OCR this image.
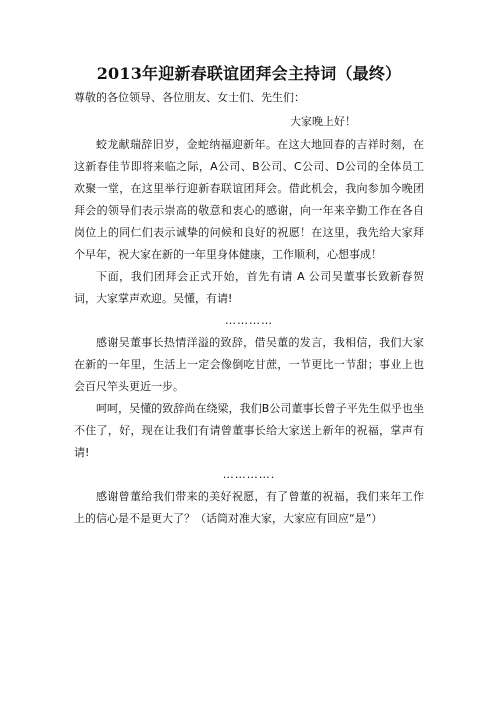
2013年迎新春联谊团拜会主持词（最终）

尊敬的各位领导、各位朋友、女士们、先生们：

大家晚上好！

蛟龙献瑞辞旧岁，金蛇纳福迎新年。在这大地回春的吉祥时刻，在这新春佳节即将来临之际，A公司、B公司、C公司、D公司的全体员工欢聚一堂，在这里举行迎新春联谊团拜会。借此机会，我向参加今晚团拜会的领导们表示崇高的敬意和衷心的感谢，向一年来辛勤工作在各自岗位上的同仁们表示诚挚的问候和良好的祝愿！在这里，我先给大家拜个早年，祝大家在新的一年里身体健康，工作顺利，心想事成！

下面，我们团拜会正式开始，首先有请 A 公司吴董事长致新春贺词，大家掌声欢迎。吴懂，有请!

…………

感谢吴董事长热情洋溢的致辞，借吴董的发言，我相信，我们大家在新的一年里，生活上一定会像倒吃甘蔗，一节更比一节甜；事业上也会百尺竿头更近一步。

呵呵，吴懂的致辞尚在绕梁，我们B公司董事长曾子平先生似乎也坐不住了，好，现在让我们有请曾董事长给大家送上新年的祝福，掌声有请!

………….

感谢曾董给我们带来的美好祝愿，有了曾董的祝福，我们来年工作上的信心是不是更大了？（话筒对准大家，大家应有回应“是”）
